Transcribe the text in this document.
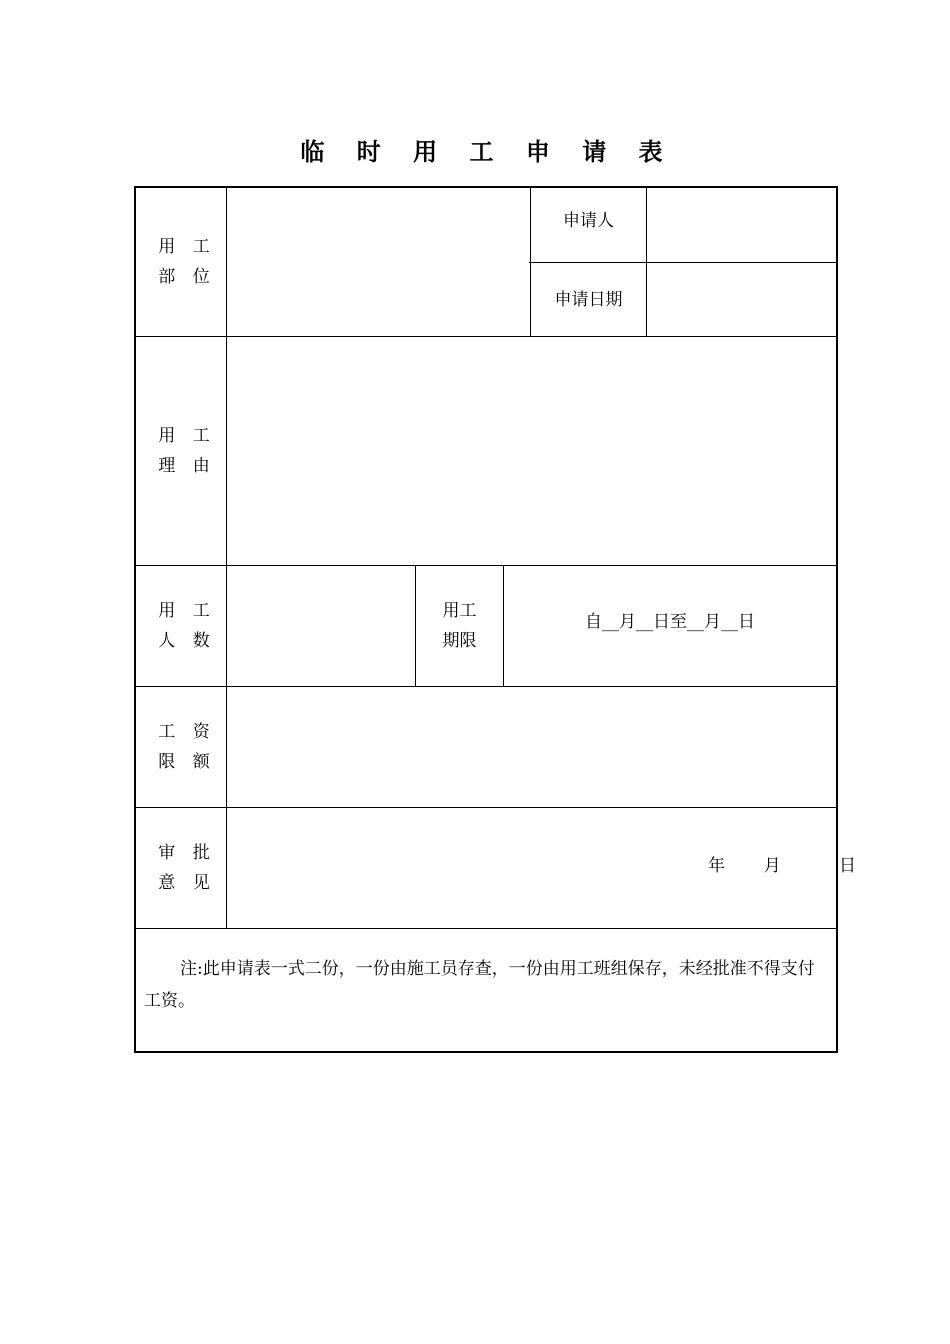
临 时 用 工 申 请 表
用 工
部 位
申请人
申请日期
用 工
理 由
用 工
人 数
用工
期限
自__月__日至__月__日
工 资
限 额
审 批
意 见
年  月   日
注:此申请表一式二份，一份由施工员存查，一份由用工班组保存，未经批准不得支付工资。
